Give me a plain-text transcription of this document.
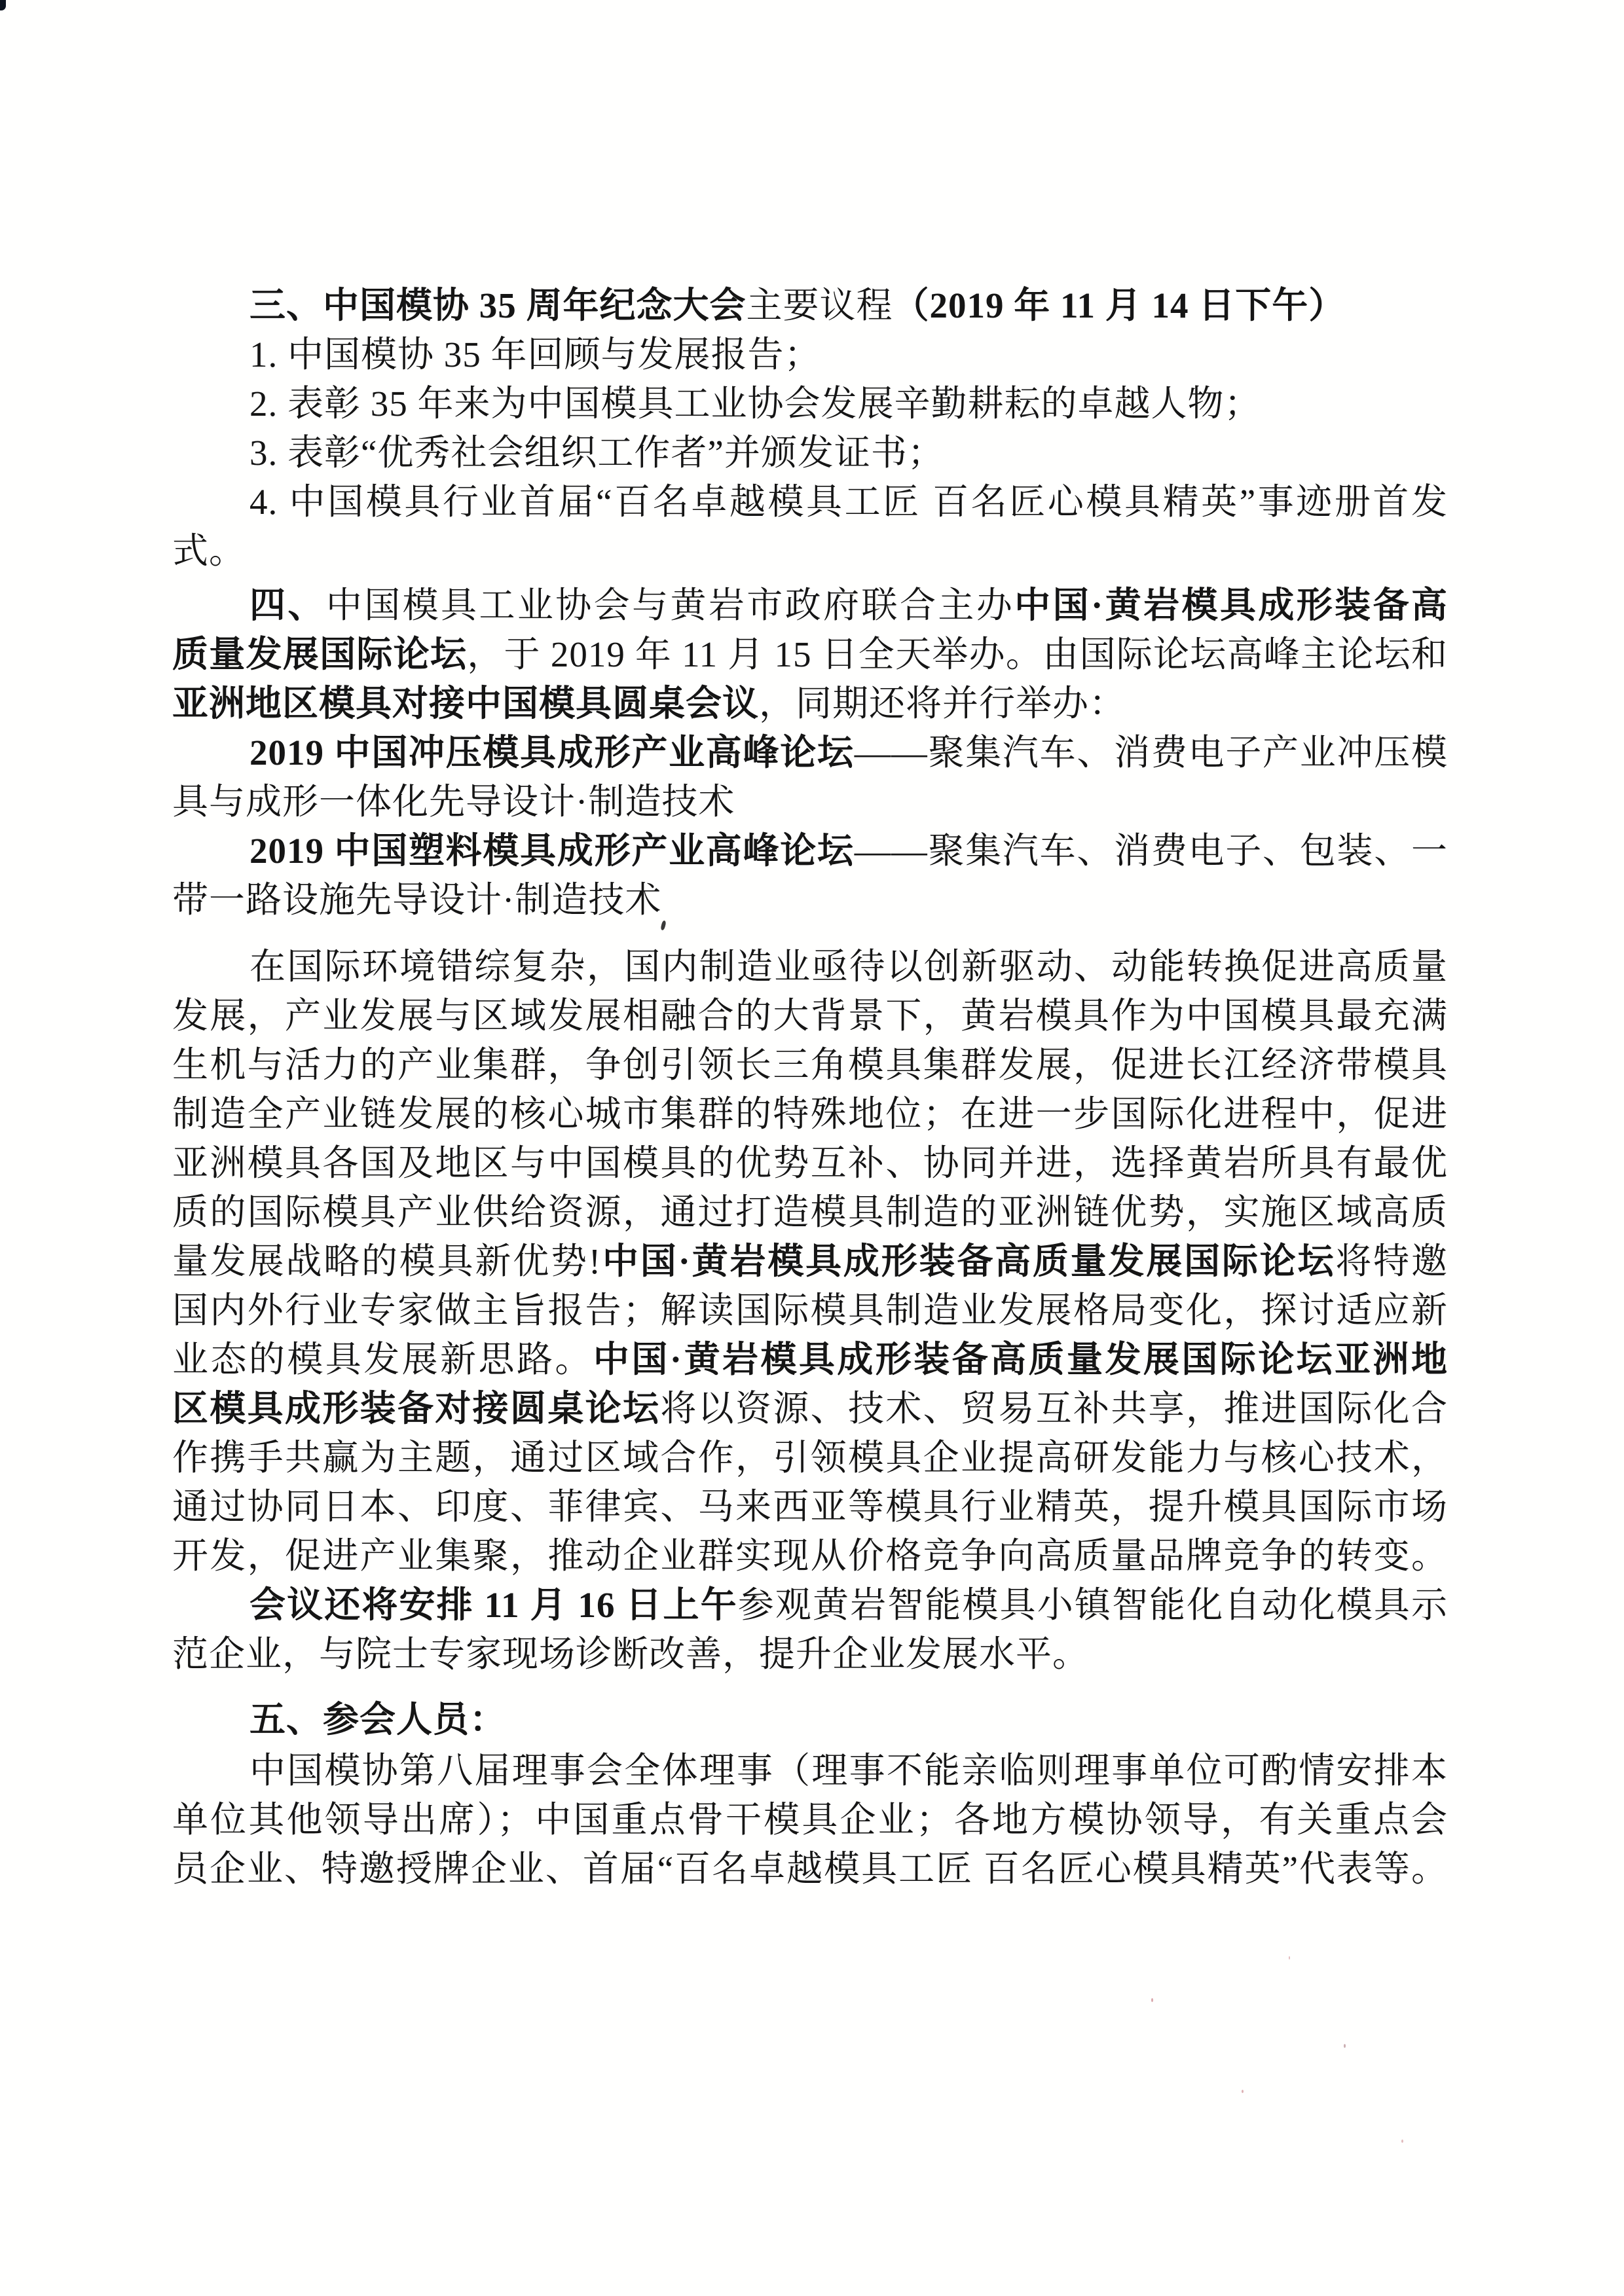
三、中国模协 35 周年纪念大会主要议程（2019 年 11 月 14 日下午）
1. 中国模协 35 年回顾与发展报告；
2. 表彰 35 年来为中国模具工业协会发展辛勤耕耘的卓越人物；
3. 表彰“优秀社会组织工作者”并颁发证书；
4. 中国模具行业首届“百名卓越模具工匠 百名匠心模具精英”事迹册首发
式。
四、中国模具工业协会与黄岩市政府联合主办中国·黄岩模具成形装备高
质量发展国际论坛，于 2019 年 11 月 15 日全天举办。由国际论坛高峰主论坛和
亚洲地区模具对接中国模具圆桌会议，同期还将并行举办：
2019 中国冲压模具成形产业高峰论坛——聚集汽车、消费电子产业冲压模
具与成形一体化先导设计·制造技术
2019 中国塑料模具成形产业高峰论坛——聚集汽车、消费电子、包装、一
带一路设施先导设计·制造技术
在国际环境错综复杂，国内制造业亟待以创新驱动、动能转换促进高质量
发展，产业发展与区域发展相融合的大背景下，黄岩模具作为中国模具最充满
生机与活力的产业集群，争创引领长三角模具集群发展，促进长江经济带模具
制造全产业链发展的核心城市集群的特殊地位；在进一步国际化进程中，促进
亚洲模具各国及地区与中国模具的优势互补、协同并进，选择黄岩所具有最优
质的国际模具产业供给资源，通过打造模具制造的亚洲链优势，实施区域高质
量发展战略的模具新优势!中国·黄岩模具成形装备高质量发展国际论坛将特邀
国内外行业专家做主旨报告；解读国际模具制造业发展格局变化，探讨适应新
业态的模具发展新思路。中国·黄岩模具成形装备高质量发展国际论坛亚洲地
区模具成形装备对接圆桌论坛将以资源、技术、贸易互补共享，推进国际化合
作携手共赢为主题，通过区域合作，引领模具企业提高研发能力与核心技术，
通过协同日本、印度、菲律宾、马来西亚等模具行业精英，提升模具国际市场
开发，促进产业集聚，推动企业群实现从价格竞争向高质量品牌竞争的转变。
会议还将安排 11 月 16 日上午参观黄岩智能模具小镇智能化自动化模具示
范企业，与院士专家现场诊断改善，提升企业发展水平。
五、参会人员：
中国模协第八届理事会全体理事（理事不能亲临则理事单位可酌情安排本
单位其他领导出席）；中国重点骨干模具企业；各地方模协领导，有关重点会
员企业、特邀授牌企业、首届“百名卓越模具工匠 百名匠心模具精英”代表等。
